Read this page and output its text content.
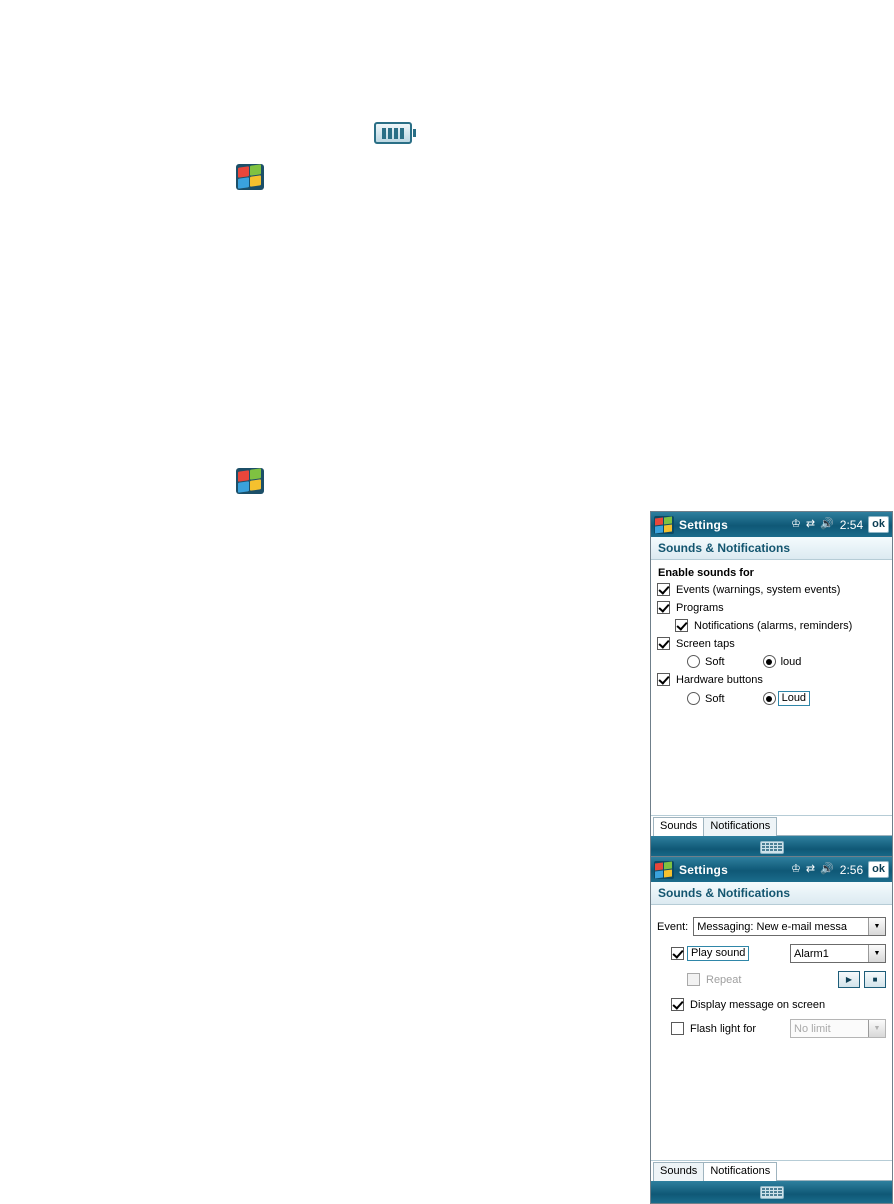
Settings	♔ ⇄ 🔊 2:54 ok
Sounds & Notifications
Enable sounds for
Events (warnings, system events)
Programs
Notifications (alarms, reminders)
Screen taps
Soft	loud
Hardware buttons
Soft	Loud
Sounds	Notifications
Settings	♔ ⇄ 🔊 2:56 ok
Sounds & Notifications
Event: Messaging: New e-mail messa	▼
Play sound	Alarm1	▼
Repeat	▶	■
Display message on screen
Flash light for	No limit	▼
Sounds	Notifications
